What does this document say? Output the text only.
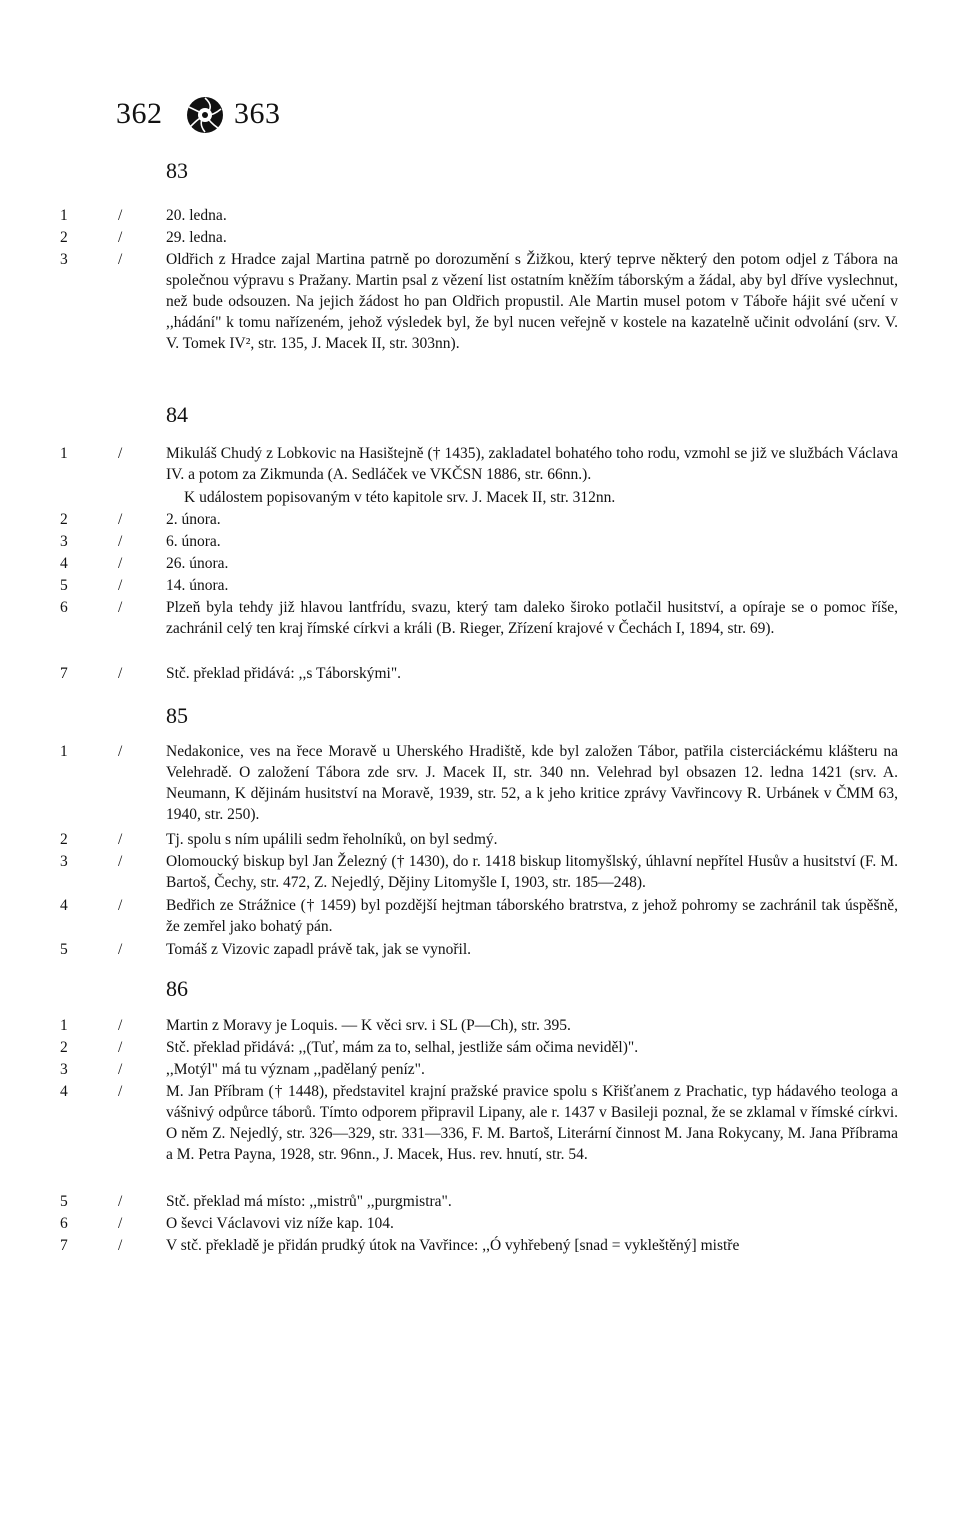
362 363
83
1	/	20. ledna.
2	/	29. ledna.
3	/	Oldřich z Hradce zajal Martina patrně po dorozumění s Žižkou, který teprve některý den potom odjel z Tábora na společnou výpravu s Pražany. Martin psal z vězení list ostatním kněžím táborským a žádal, aby byl dříve vyslechnut, než bude odsouzen. Na jejich žádost ho pan Oldřich propustil. Ale Martin musel potom v Táboře hájit své učení v ,,hádání" k tomu nařízeném, jehož výsledek byl, že byl nucen veřejně v kostele na kazatelně učinit odvolání (srv. V. V. Tomek IV², str. 135, J. Macek II, str. 303nn).
84
1	/	Mikuláš Chudý z Lobkovic na Hasištejně († 1435), zakladatel bohatého toho rodu, vzmohl se již ve službách Václava IV. a potom za Zikmunda (A. Sedláček ve VKČSN 1886, str. 66nn.).
K událostem popisovaným v této kapitole srv. J. Macek II, str. 312nn.
2	/	2. února.
3	/	6. února.
4	/	26. února.
5	/	14. února.
6	/	Plzeň byla tehdy již hlavou lantfrídu, svazu, který tam daleko široko potlačil husitství, a opíraje se o pomoc říše, zachránil celý ten kraj římské církvi a králi (B. Rieger, Zřízení krajové v Čechách I, 1894, str. 69).
7	/	Stč. překlad přidává: ,,s Táborskými".
85
1	/	Nedakonice, ves na řece Moravě u Uherského Hradiště, kde byl založen Tábor, patřila cisterciáckému klášteru na Velehradě. O založení Tábora zde srv. J. Macek II, str. 340 nn. Velehrad byl obsazen 12. ledna 1421 (srv. A. Neumann, K dějinám husitství na Moravě, 1939, str. 52, a k jeho kritice zprávy Vavřincovy R. Urbánek v ČMM 63, 1940, str. 250).
2	/	Tj. spolu s ním upálili sedm řeholníků, on byl sedmý.
3	/	Olomoucký biskup byl Jan Železný († 1430), do r. 1418 biskup litomyšlský, úhlavní nepřítel Husův a husitství (F. M. Bartoš, Čechy, str. 472, Z. Nejedlý, Dějiny Litomyšle I, 1903, str. 185—248).
4	/	Bedřich ze Strážnice († 1459) byl pozdější hejtman táborského bratrstva, z jehož pohromy se zachránil tak úspěšně, že zemřel jako bohatý pán.
5	/	Tomáš z Vizovic zapadl právě tak, jak se vynořil.
86
1	/	Martin z Moravy je Loquis. — K věci srv. i SL (P—Ch), str. 395.
2	/	Stč. překlad přidává: ,,(Tuť, mám za to, selhal, jestliže sám očima neviděl)".
3	/	,,Motýl" má tu význam ,,padělaný peníz".
4	/	M. Jan Příbram († 1448), představitel krajní pražské pravice spolu s Křišťanem z Prachatic, typ hádavého teologa a vášnivý odpůrce táborů. Tímto odporem připravil Lipany, ale r. 1437 v Basileji poznal, že se zklamal v římské církvi. O něm Z. Nejedlý, str. 326—329, str. 331—336, F. M. Bartoš, Literární činnost M. Jana Rokycany, M. Jana Příbrama a M. Petra Payna, 1928, str. 96nn., J. Macek, Hus. rev. hnutí, str. 54.
5	/	Stč. překlad má místo: ,,mistrů" ,,purgmistra".
6	/	O ševci Václavovi viz níže kap. 104.
7	/	V stč. překladě je přidán prudký útok na Vavřince: ,,Ó vyhřebený [snad = vykleštěný] mistře
